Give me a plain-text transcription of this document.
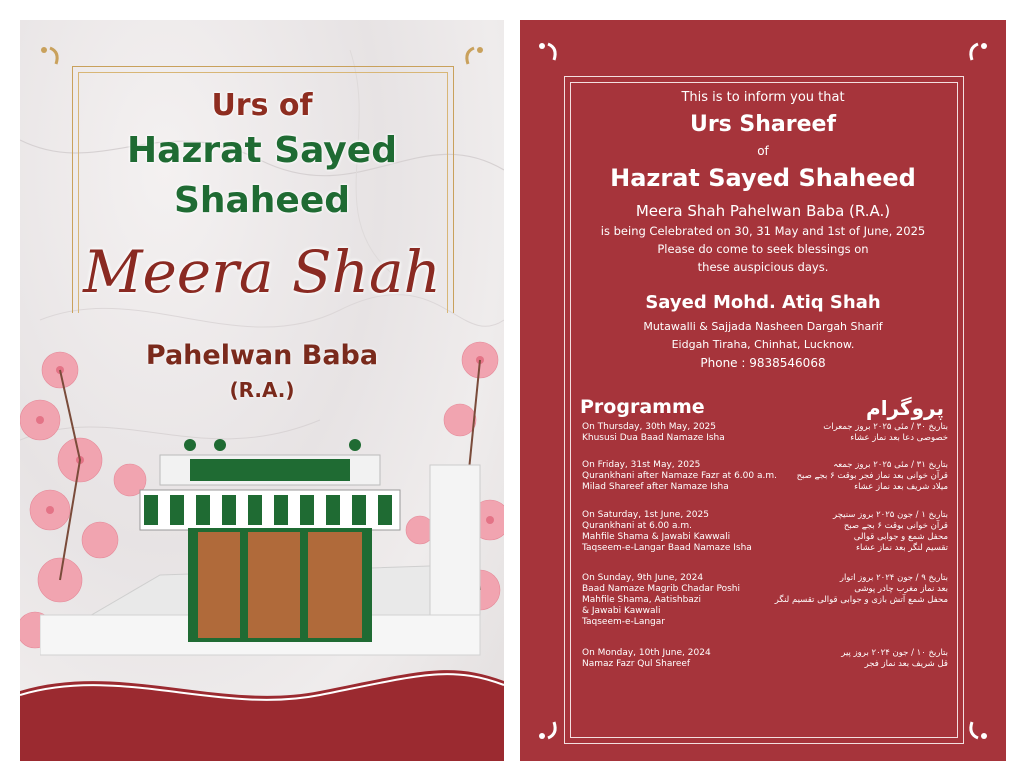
Urs of
Hazrat Sayed
Shaheed
Meera Shah
Pahelwan Baba
(R.A.)
This is to inform you that
Urs Shareef
of
Hazrat Sayed Shaheed
Meera Shah Pahelwan Baba (R.A.)
is being Celebrated on 30, 31 May and 1st of June, 2025
Please do come to seek blessings on
these auspicious days.
Sayed Mohd. Atiq Shah
Mutawalli & Sajjada Nasheen Dargah Sharif
Eidgah Tiraha, Chinhat, Lucknow.
Phone : 9838546068
Programme	پروگرام
On Thursday, 30th May, 2025
Khususi Dua Baad Namaze Isha
بتاریخ ۳۰ / مئی ۲۰۲۵ بروز جمعرات
خصوصی دعا بعد نماز عشاء
On Friday, 31st May, 2025
Qurankhani after Namaze Fazr at 6.00 a.m.
Milad Shareef after Namaze Isha
بتاریخ ۳۱ / مئی ۲۰۲۵ بروز جمعہ
قرآن خوانی بعد نماز فجر بوقت ۶ بجے صبح
میلاد شریف بعد نماز عشاء
On Saturday, 1st June, 2025
Qurankhani at 6.00 a.m.
Mahfile Shama & Jawabi Kawwali
Taqseem-e-Langar Baad Namaze Isha
بتاریخ ۱ / جون ۲۰۲۵ بروز سنیچر
قرآن خوانی بوقت ۶ بجے صبح
محفل شمع و جوابی قوالی
تقسیم لنگر بعد نماز عشاء
On Sunday, 9th June, 2024
Baad Namaze Magrib Chadar Poshi
Mahfile Shama, Aatishbazi
& Jawabi Kawwali
Taqseem-e-Langar
بتاریخ ۹ / جون ۲۰۲۴ بروز اتوار
بعد نماز مغرب چادر پوشی
محفل شمع آتش بازی و جوابی قوالی تقسیم لنگر
On Monday, 10th June, 2024
Namaz Fazr Qul Shareef
بتاریخ ۱۰ / جون ۲۰۲۴ بروز پیر
قل شریف بعد نماز فجر
